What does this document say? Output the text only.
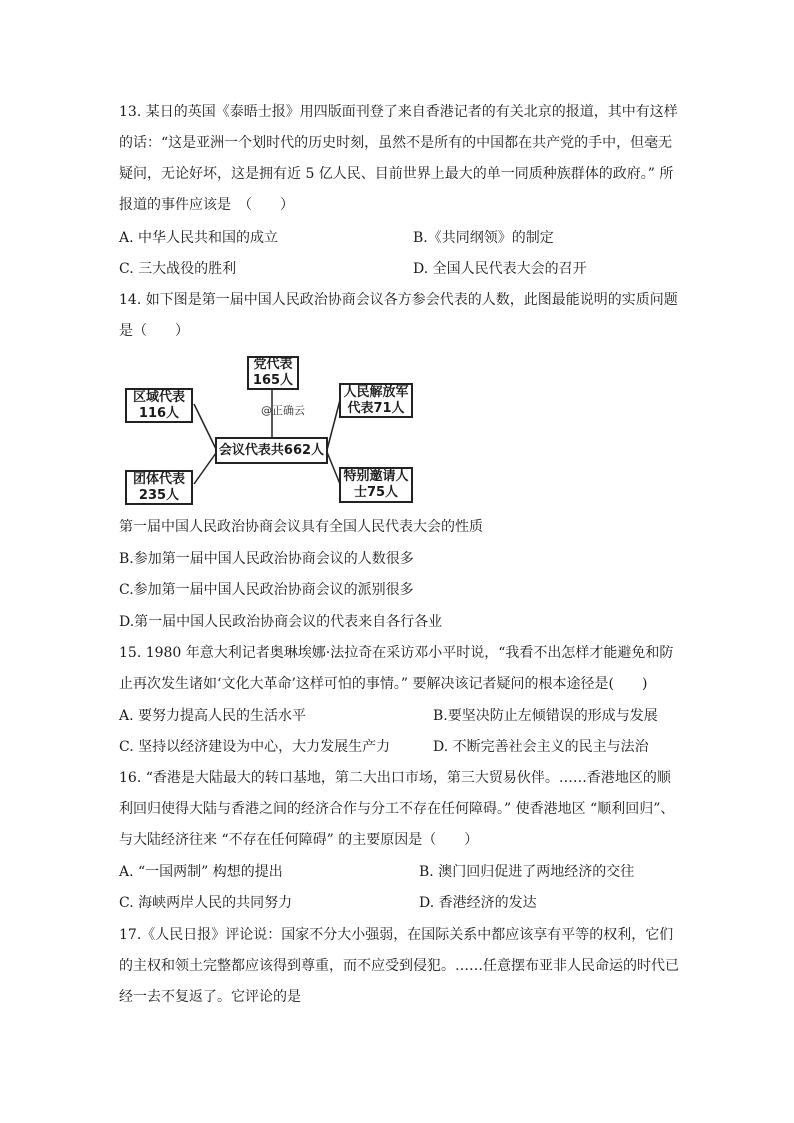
13. 某日的英国《泰晤士报》用四版面刊登了来自香港记者的有关北京的报道，其中有这样
的话：“这是亚洲一个划时代的历史时刻，虽然不是所有的中国都在共产党的手中，但毫无
疑问，无论好坏，这是拥有近 5 亿人民、目前世界上最大的单一同质种族群体的政府。” 所
报道的事件应该是　（　　）
A. 中华人民共和国的成立	B.《共同纲领》的制定
C. 三大战役的胜利	D. 全国人民代表大会的召开
14. 如下图是第一届中国人民政治协商会议各方参会代表的人数，此图最能说明的实质问题
是（　　）
党代表
165人
区域代表
116人
团体代表
235人
会议代表共662人
人民解放军
代表71人
特别邀请人
士75人
@正确云
第一届中国人民政治协商会议具有全国人民代表大会的性质
B.参加第一届中国人民政治协商会议的人数很多
C.参加第一届中国人民政治协商会议的派别很多
D.第一届中国人民政治协商会议的代表来自各行各业
15. 1980 年意大利记者奥琳埃娜·法拉奇在采访邓小平时说，“我看不出怎样才能避免和防
止再次发生诸如‘文化大革命’这样可怕的事情。” 要解决该记者疑问的根本途径是(　　)
A. 要努力提高人民的生活水平	B.要坚决防止左倾错误的形成与发展
C. 坚持以经济建设为中心，大力发展生产力	D. 不断完善社会主义的民主与法治
16. “香港是大陆最大的转口基地，第二大出口市场，第三大贸易伙伴。……香港地区的顺
利回归使得大陆与香港之间的经济合作与分工不存在任何障碍。” 使香港地区 “顺利回归”、
与大陆经济往来 “不存在任何障碍” 的主要原因是（　　）
A. “一国两制” 构想的提出	B. 澳门回归促进了两地经济的交往
C. 海峡两岸人民的共同努力	D. 香港经济的发达
17.《人民日报》评论说：国家不分大小强弱，在国际关系中都应该享有平等的权利，它们
的主权和领土完整都应该得到尊重，而不应受到侵犯。……任意摆布亚非人民命运的时代已
经一去不复返了。它评论的是
